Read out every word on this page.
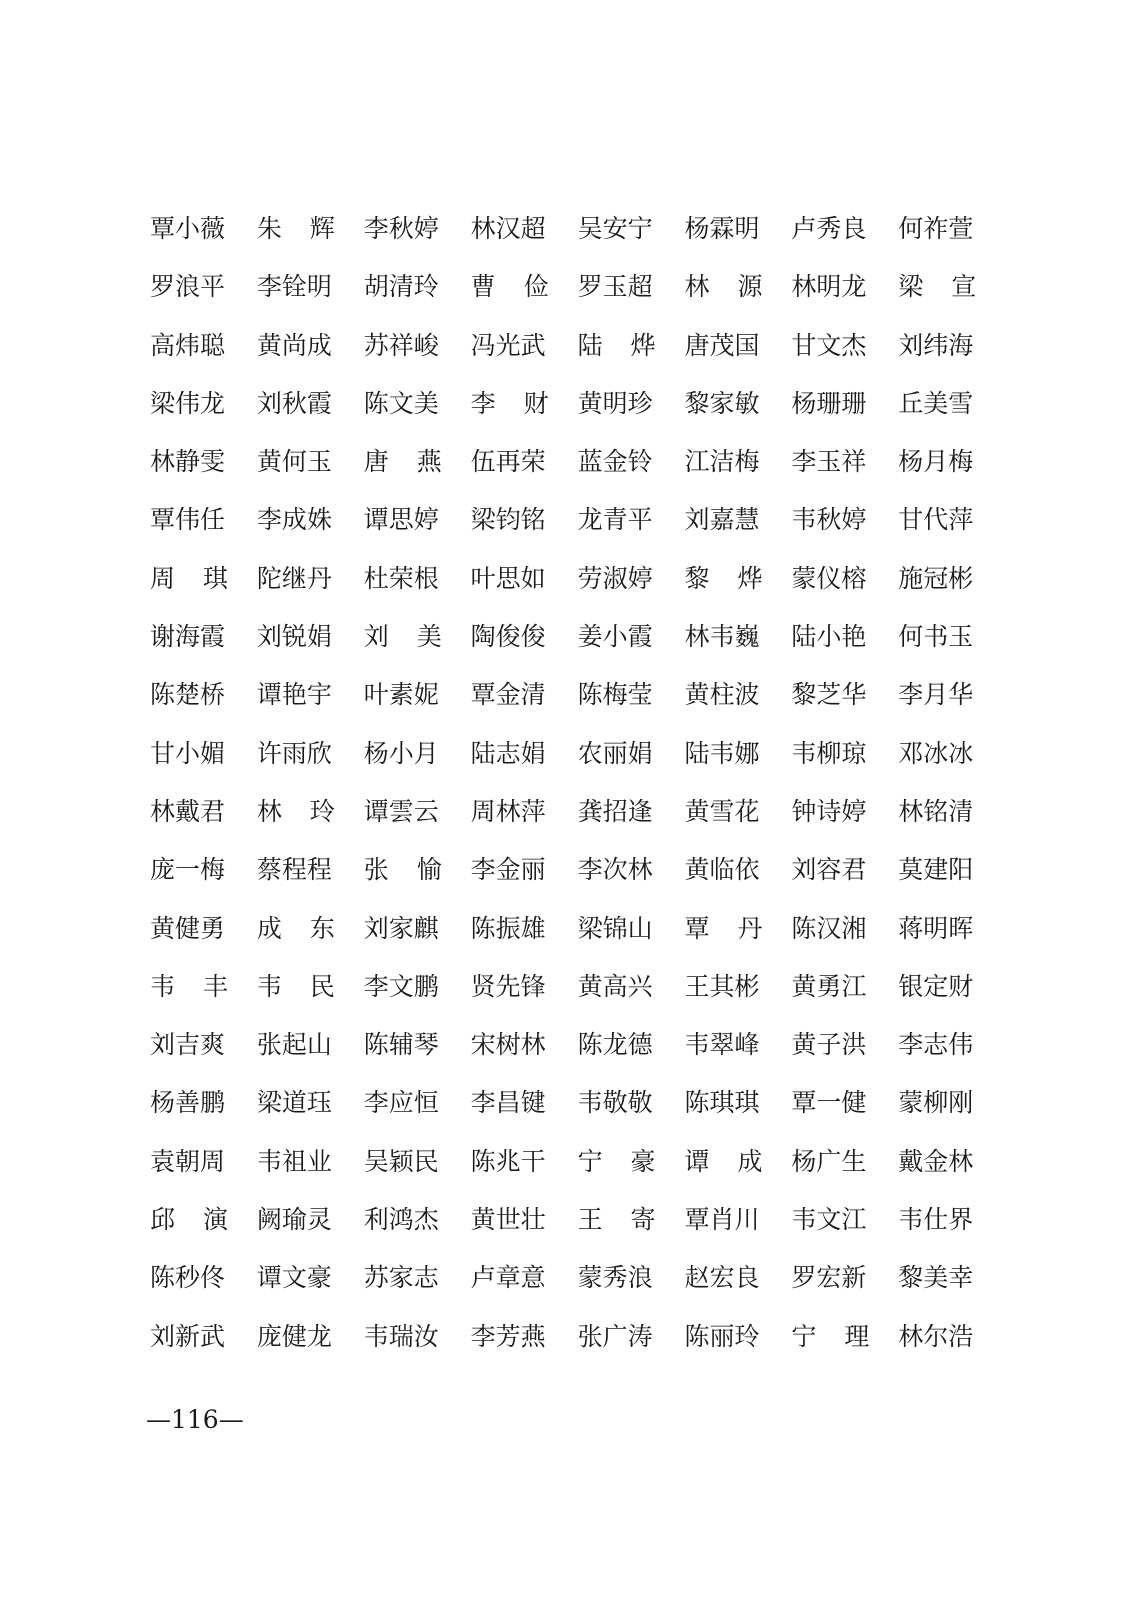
覃小薇	朱 辉 李秋婷	林汉超	吴安宁	杨霖明	卢秀良	何祚萱
罗浪平	李铨明	胡清玲	曹 俭 罗玉超	林 源 林明龙	梁 宣
高炜聪	黄尚成	苏祥峻	冯光武	陆 烨 唐茂国	甘文杰	刘纬海
梁伟龙	刘秋霞	陈文美	李 财 黄明珍	黎家敏	杨珊珊	丘美雪
林静雯	黄何玉	唐 燕 伍再荣	蓝金铃	江洁梅	李玉祥	杨月梅
覃伟任	李成姝	谭思婷	梁钧铭	龙青平	刘嘉慧	韦秋婷	甘代萍
周 琪 陀继丹	杜荣根	叶思如	劳淑婷	黎 烨 蒙仪榕	施冠彬
谢海霞	刘锐娟	刘 美 陶俊俊	姜小霞	林韦巍	陆小艳	何书玉
陈楚桥	谭艳宇	叶素妮	覃金清	陈梅莹	黄柱波	黎芝华	李月华
甘小媚	许雨欣	杨小月	陆志娟	农丽娟	陆韦娜	韦柳琼	邓冰冰
林戴君	林 玲 谭雲云	周林萍	龚招逢	黄雪花	钟诗婷	林铭清
庞一梅	蔡程程	张 愉 李金丽	李次林	黄临依	刘容君	莫建阳
黄健勇	成 东 刘家麒	陈振雄	梁锦山	覃 丹 陈汉湘	蒋明晖
韦 丰 韦 民 李文鹏	贤先锋	黄高兴	王其彬	黄勇江	银定财
刘吉爽	张起山	陈辅琴	宋树林	陈龙德	韦翠峰	黄子洪	李志伟
杨善鹏	梁道珏	李应恒	李昌键	韦敬敬	陈琪琪	覃一健	蒙柳刚
袁朝周	韦祖业	吴颖民	陈兆干	宁 豪 谭 成 杨广生	戴金林
邱 演 阙瑜灵	利鸿杰	黄世壮	王 寄 覃肖川	韦文江	韦仕界
陈秒佟	谭文豪	苏家志	卢章意	蒙秀浪	赵宏良	罗宏新	黎美幸
刘新武	庞健龙	韦瑞汝	李芳燕	张广涛	陈丽玲	宁 理 林尔浩
—116—
